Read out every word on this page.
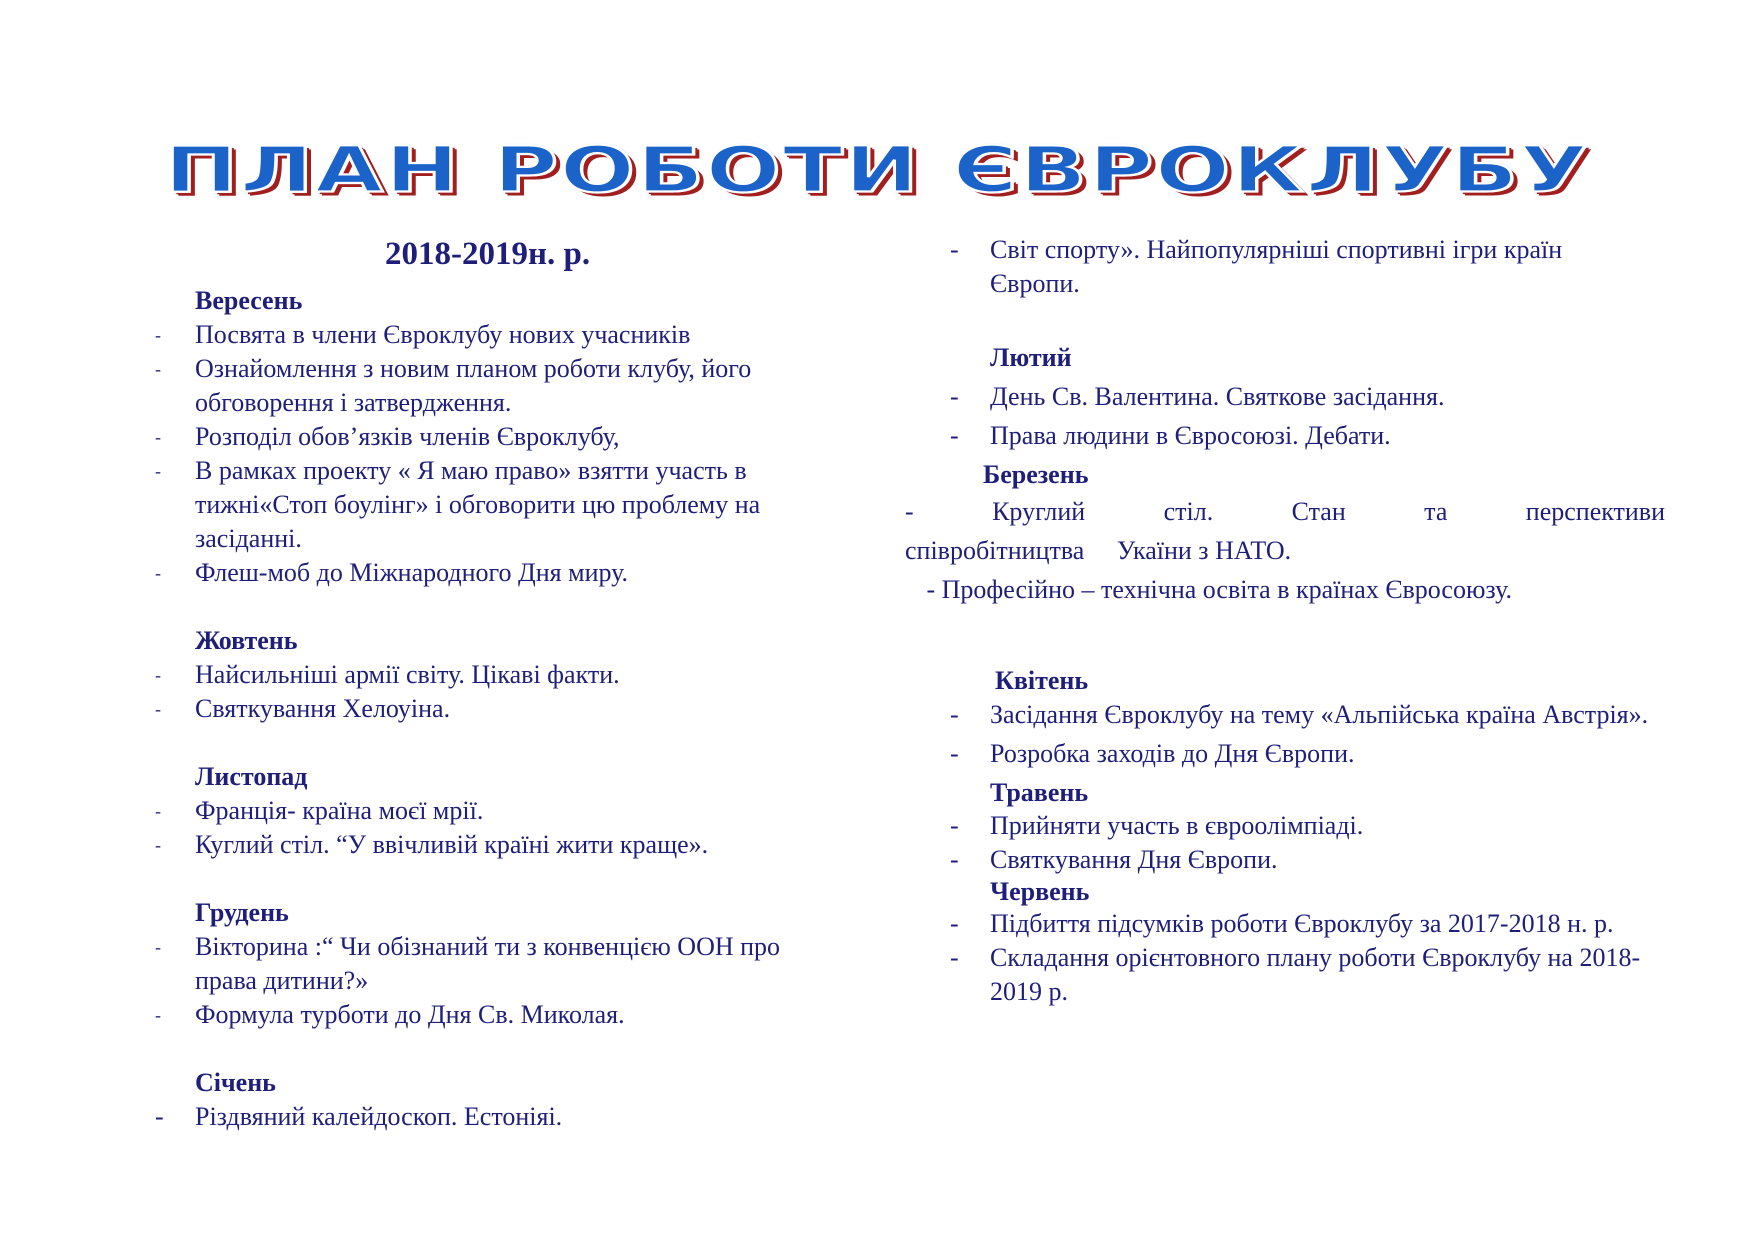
ПЛАН РОБОТИ ЄВРОКЛУБУ
2018-2019н. р.
Вересень
-	Посвята в члени Євроклубу нових учасників
-	Ознайомлення з новим планом роботи клубу, його обговорення і затвердження.
-	Розподіл обов’язків членів Євроклубу,
-	В рамках проекту « Я маю право» взятти участь в тижні«Стоп боулінг» і обговорити цю проблему на засіданні.
-	Флеш-моб до Міжнародного Дня миру.
Жовтень
-	Найсильніші армії світу. Цікаві факти.
-	Святкування Хелоуіна.
Листопад
-	Франція- країна моєї мрії.
-	Куглий стіл. “У ввічливій країні жити краще».
Грудень
-	Вікторина :“ Чи обізнаний ти з конвенцією ООН про права дитини?»
-	Формула турботи до Дня Св. Миколая.
Січень
-	Різдвяний калейдоскоп. Естоніяі.
-	Світ спорту». Найпопулярніші спортивні ігри країн Європи.
Лютий
-	День Св. Валентина. Святкове засідання.
-	Права людини в Євросоюзі. Дебати.
Березень
-    Круглий    стіл.    Стан    та    перспективи
співробітництва     Укаїни з НАТО.
- Професійно – технічна освіта в країнах Євросоюзу.
Квітень
-	Засідання Євроклубу на тему «Альпійська країна Австрія».
-	Розробка заходів до Дня Європи.
Травень
-	Прийняти участь в євроолімпіаді.
-	Святкування Дня Європи.
Червень
-	Підбиття підсумків роботи Євроклубу за 2017-2018 н. р.
-	Складання орієнтовного плану роботи Євроклубу на 2018-2019 р.
